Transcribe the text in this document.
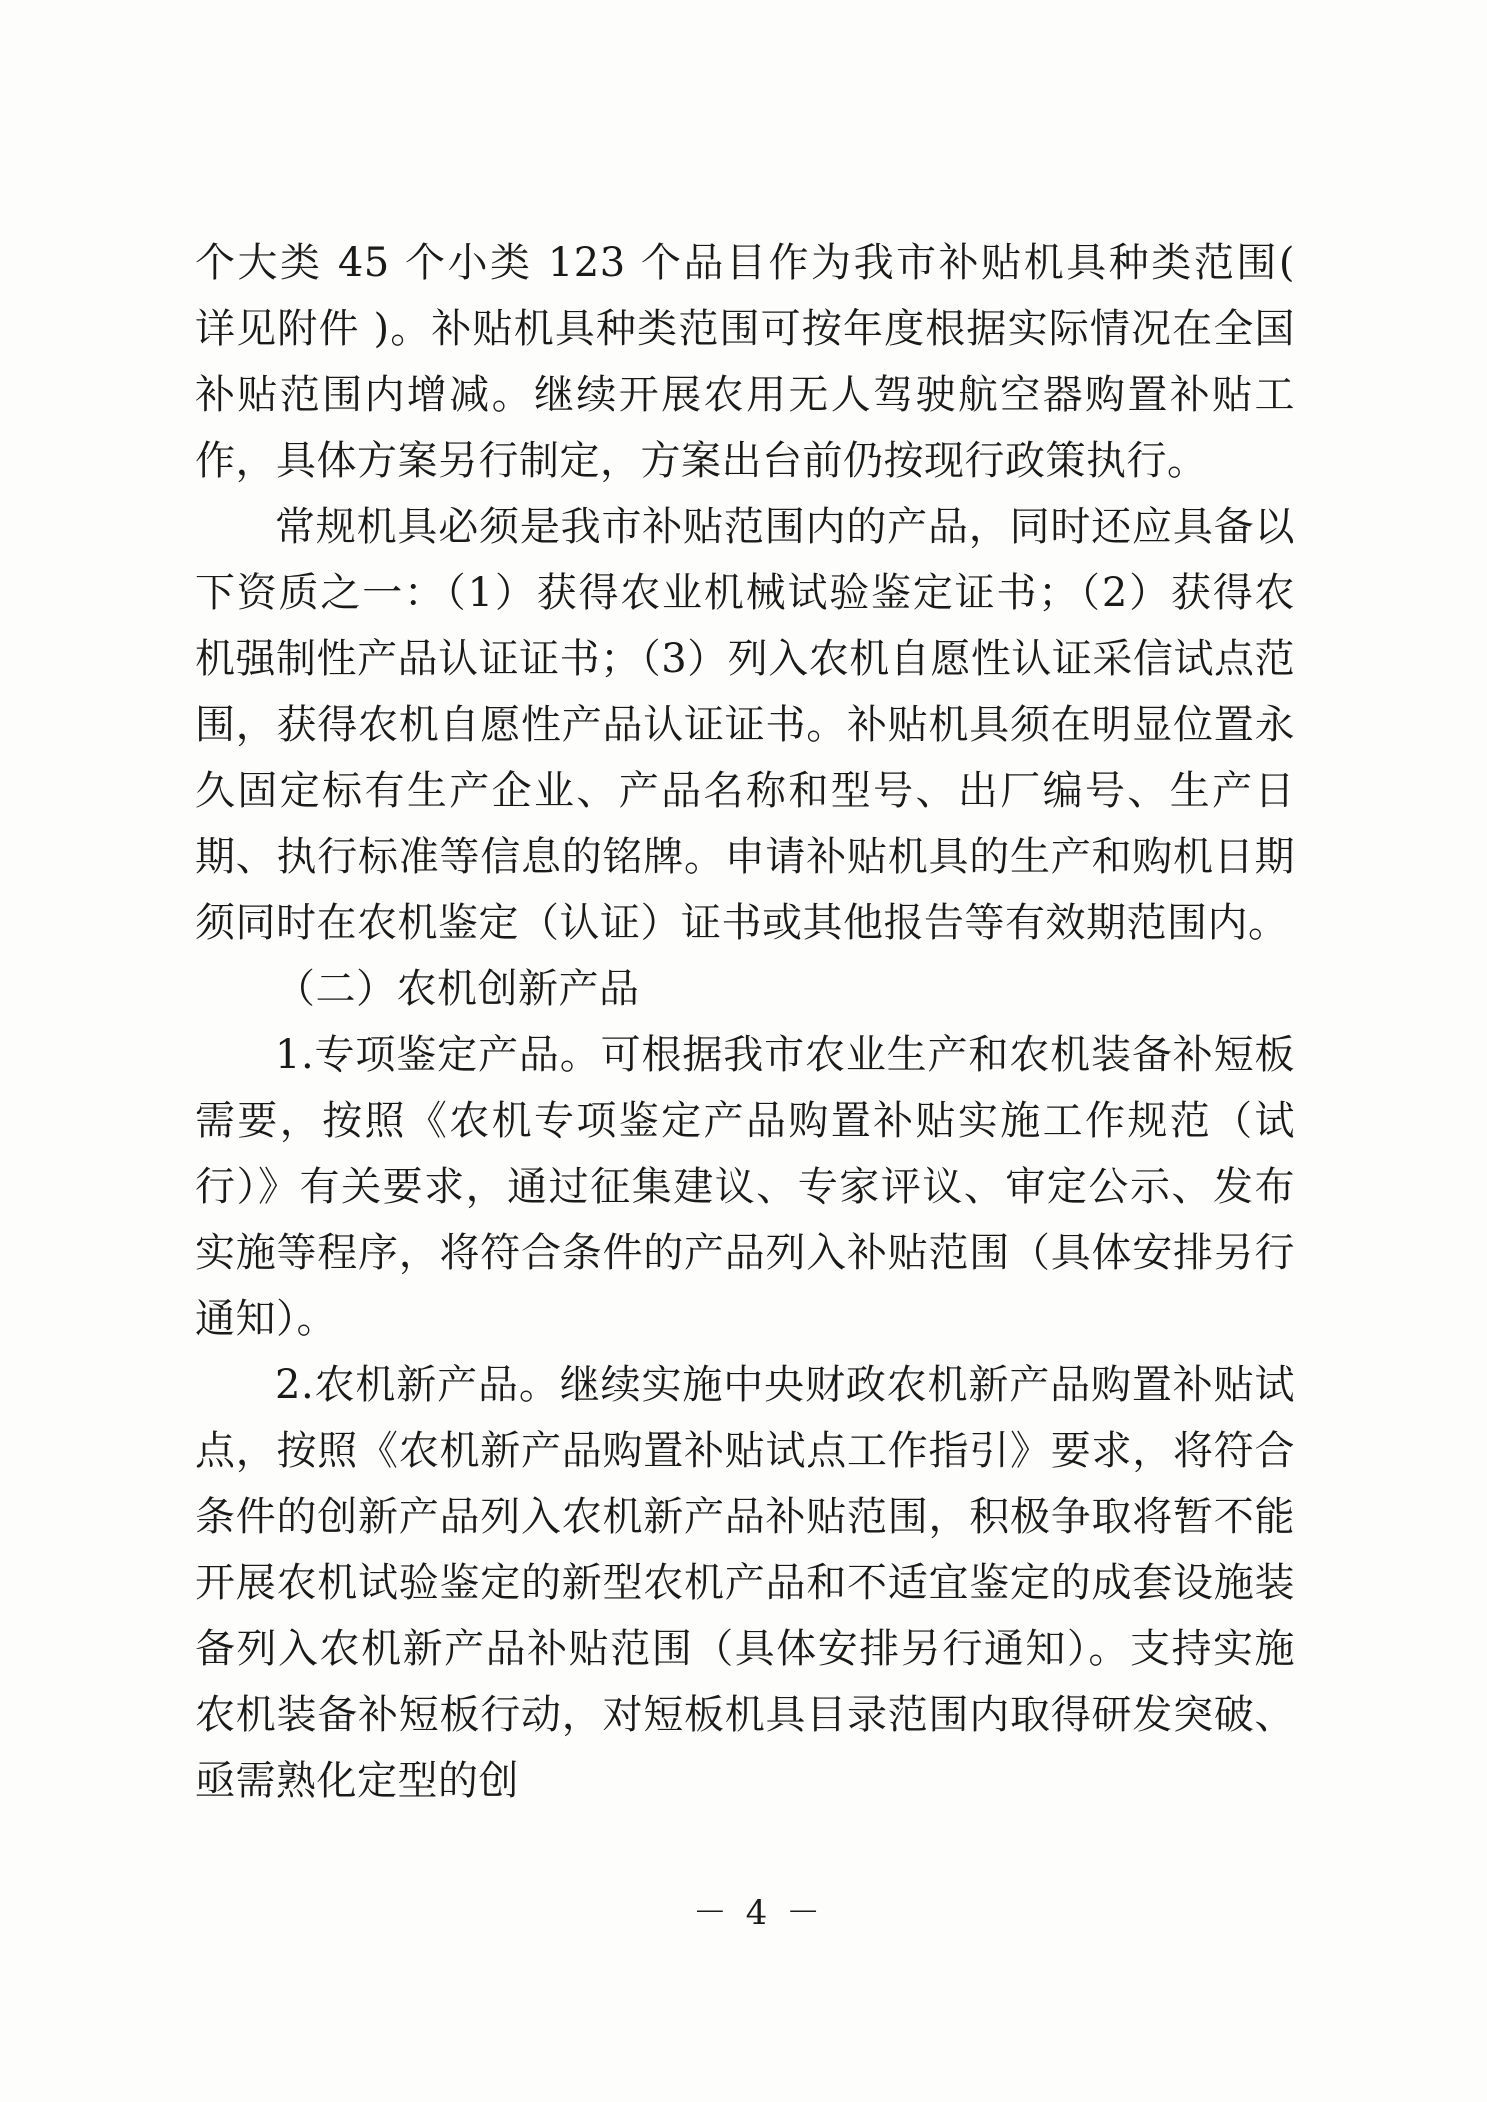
个大类 45 个小类 123 个品目作为我市补贴机具种类范围( 详见附件 )。补贴机具种类范围可按年度根据实际情况在全国补贴范围内增减。继续开展农用无人驾驶航空器购置补贴工作，具体方案另行制定，方案出台前仍按现行政策执行。

常规机具必须是我市补贴范围内的产品，同时还应具备以下资质之一：（1）获得农业机械试验鉴定证书；（2）获得农机强制性产品认证证书；（3）列入农机自愿性认证采信试点范围，获得农机自愿性产品认证证书。补贴机具须在明显位置永久固定标有生产企业、产品名称和型号、出厂编号、生产日期、执行标准等信息的铭牌。申请补贴机具的生产和购机日期须同时在农机鉴定（认证）证书或其他报告等有效期范围内。

（二）农机创新产品

1.专项鉴定产品。可根据我市农业生产和农机装备补短板需要，按照《农机专项鉴定产品购置补贴实施工作规范（试行）》有关要求，通过征集建议、专家评议、审定公示、发布实施等程序，将符合条件的产品列入补贴范围（具体安排另行通知）。

2.农机新产品。继续实施中央财政农机新产品购置补贴试点，按照《农机新产品购置补贴试点工作指引》要求，将符合条件的创新产品列入农机新产品补贴范围，积极争取将暂不能开展农机试验鉴定的新型农机产品和不适宜鉴定的成套设施装备列入农机新产品补贴范围（具体安排另行通知）。支持实施农机装备补短板行动，对短板机具目录范围内取得研发突破、亟需熟化定型的创

－ 4 －
